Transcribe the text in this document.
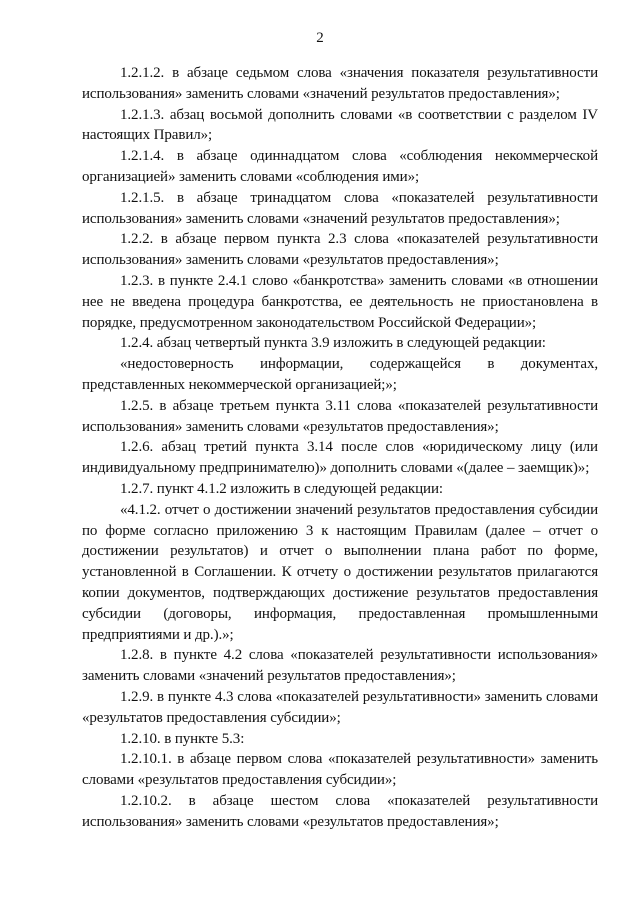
2

1.2.1.2. в абзаце седьмом слова «значения показателя результативности использования» заменить словами «значений результатов предоставления»;

1.2.1.3. абзац восьмой дополнить словами «в соответствии с разделом IV настоящих Правил»;

1.2.1.4. в абзаце одиннадцатом слова «соблюдения некоммерческой организацией» заменить словами «соблюдения ими»;

1.2.1.5. в абзаце тринадцатом слова «показателей результативности использования» заменить словами «значений результатов предоставления»;

1.2.2. в абзаце первом пункта 2.3 слова «показателей результативности использования» заменить словами «результатов предоставления»;

1.2.3. в пункте 2.4.1 слово «банкротства» заменить словами «в отношении нее не введена процедура банкротства, ее деятельность не приостановлена в порядке, предусмотренном законодательством Российской Федерации»;

1.2.4. абзац четвертый пункта 3.9 изложить в следующей редакции:

«недостоверность информации, содержащейся в документах, представленных некоммерческой организацией;»;

1.2.5. в абзаце третьем пункта 3.11 слова «показателей результативности использования» заменить словами «результатов предоставления»;

1.2.6. абзац третий пункта 3.14 после слов «юридическому лицу (или индивидуальному предпринимателю)» дополнить словами «(далее – заемщик)»;

1.2.7. пункт 4.1.2 изложить в следующей редакции:

«4.1.2. отчет о достижении значений результатов предоставления субсидии по форме согласно приложению 3 к настоящим Правилам (далее – отчет о достижении результатов) и отчет о выполнении плана работ по форме, установленной в Соглашении. К отчету о достижении результатов прилагаются копии документов, подтверждающих достижение результатов предоставления субсидии (договоры, информация, предоставленная промышленными предприятиями и др.).»;

1.2.8. в пункте 4.2 слова «показателей результативности использования» заменить словами «значений результатов предоставления»;

1.2.9. в пункте 4.3 слова «показателей результативности» заменить словами «результатов предоставления субсидии»;

1.2.10. в пункте 5.3:

1.2.10.1. в абзаце первом слова «показателей результативности» заменить словами «результатов предоставления субсидии»;

1.2.10.2. в абзаце шестом слова «показателей результативности использования» заменить словами «результатов предоставления»;
